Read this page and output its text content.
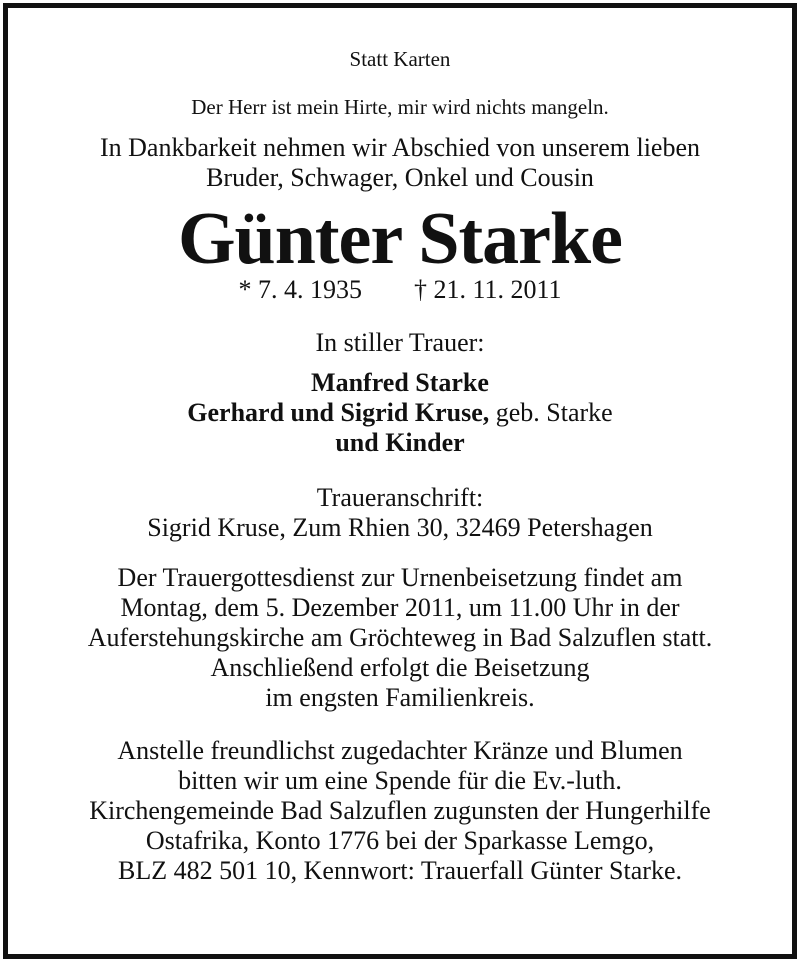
Statt Karten
Der Herr ist mein Hirte, mir wird nichts mangeln.
In Dankbarkeit nehmen wir Abschied von unserem lieben
Bruder, Schwager, Onkel und Cousin
Günter Starke
* 7. 4. 1935 † 21. 11. 2011
In stiller Trauer:
Manfred Starke
Gerhard und Sigrid Kruse, geb. Starke
und Kinder
Traueranschrift:
Sigrid Kruse, Zum Rhien 30, 32469 Petershagen
Der Trauergottesdienst zur Urnenbeisetzung findet am
Montag, dem 5. Dezember 2011, um 11.00 Uhr in der
Auferstehungskirche am Gröchteweg in Bad Salzuflen statt.
Anschließend erfolgt die Beisetzung
im engsten Familienkreis.
Anstelle freundlichst zugedachter Kränze und Blumen
bitten wir um eine Spende für die Ev.-luth.
Kirchengemeinde Bad Salzuflen zugunsten der Hungerhilfe
Ostafrika, Konto 1776 bei der Sparkasse Lemgo,
BLZ 482 501 10, Kennwort: Trauerfall Günter Starke.
